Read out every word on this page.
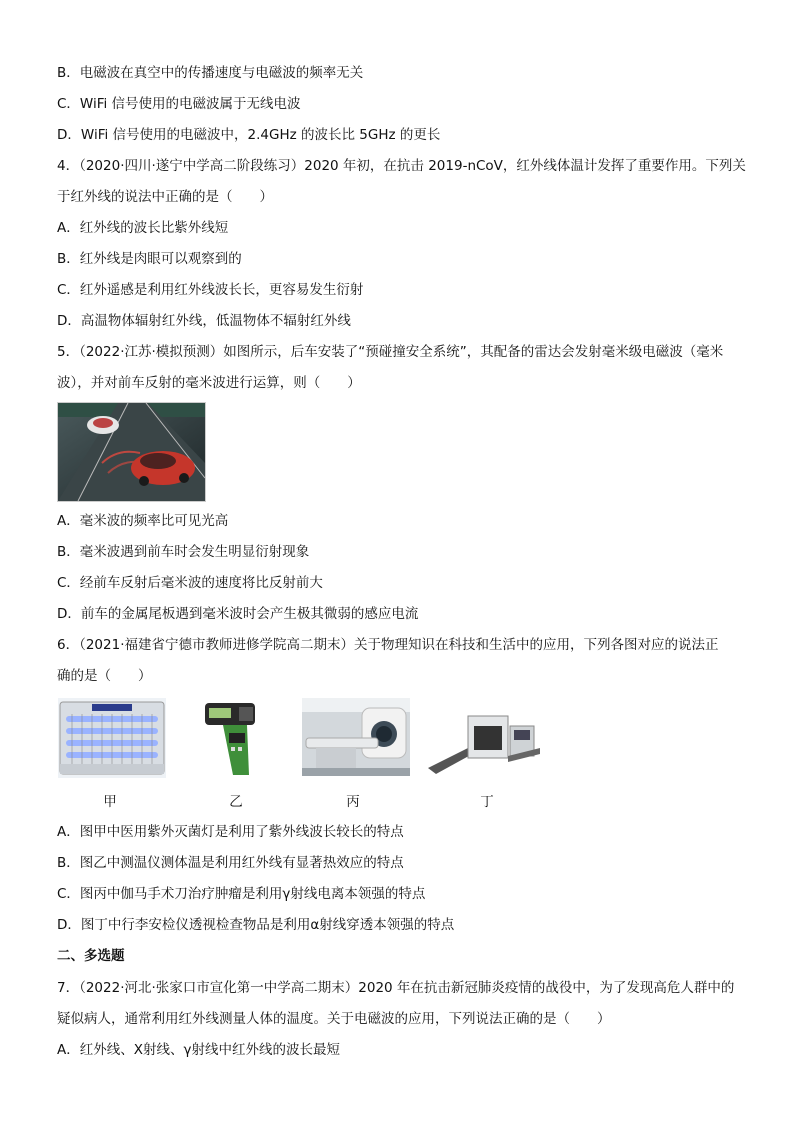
B．电磁波在真空中的传播速度与电磁波的频率无关
C．WiFi 信号使用的电磁波属于无线电波
D．WiFi 信号使用的电磁波中，2.4GHz 的波长比 5GHz 的更长
4．（2020·四川·遂宁中学高二阶段练习）2020 年初，在抗击 2019-nCoV，红外线体温计发挥了重要作用。下列关
于红外线的说法中正确的是（　　）
A．红外线的波长比紫外线短
B．红外线是肉眼可以观察到的
C．红外遥感是利用红外线波长长，更容易发生衍射
D．高温物体辐射红外线，低温物体不辐射红外线
5．（2022·江苏·模拟预测）如图所示，后车安装了“预碰撞安全系统”，其配备的雷达会发射毫米级电磁波（毫米
波），并对前车反射的毫米波进行运算，则（　　）
A．毫米波的频率比可见光高
B．毫米波遇到前车时会发生明显衍射现象
C．经前车反射后毫米波的速度将比反射前大
D．前车的金属尾板遇到毫米波时会产生极其微弱的感应电流
6．（2021·福建省宁德市教师进修学院高二期末）关于物理知识在科技和生活中的应用，下列各图对应的说法正
确的是（　　）
甲	乙	丙	丁
A．图甲中医用紫外灭菌灯是利用了紫外线波长较长的特点
B．图乙中测温仪测体温是利用红外线有显著热效应的特点
C．图丙中伽马手术刀治疗肿瘤是利用γ射线电离本领强的特点
D．图丁中行李安检仪透视检查物品是利用α射线穿透本领强的特点
二、多选题
7．（2022·河北·张家口市宣化第一中学高二期末）2020 年在抗击新冠肺炎疫情的战役中，为了发现高危人群中的
疑似病人，通常利用红外线测量人体的温度。关于电磁波的应用，下列说法正确的是（　　）
A．红外线、X射线、γ射线中红外线的波长最短
